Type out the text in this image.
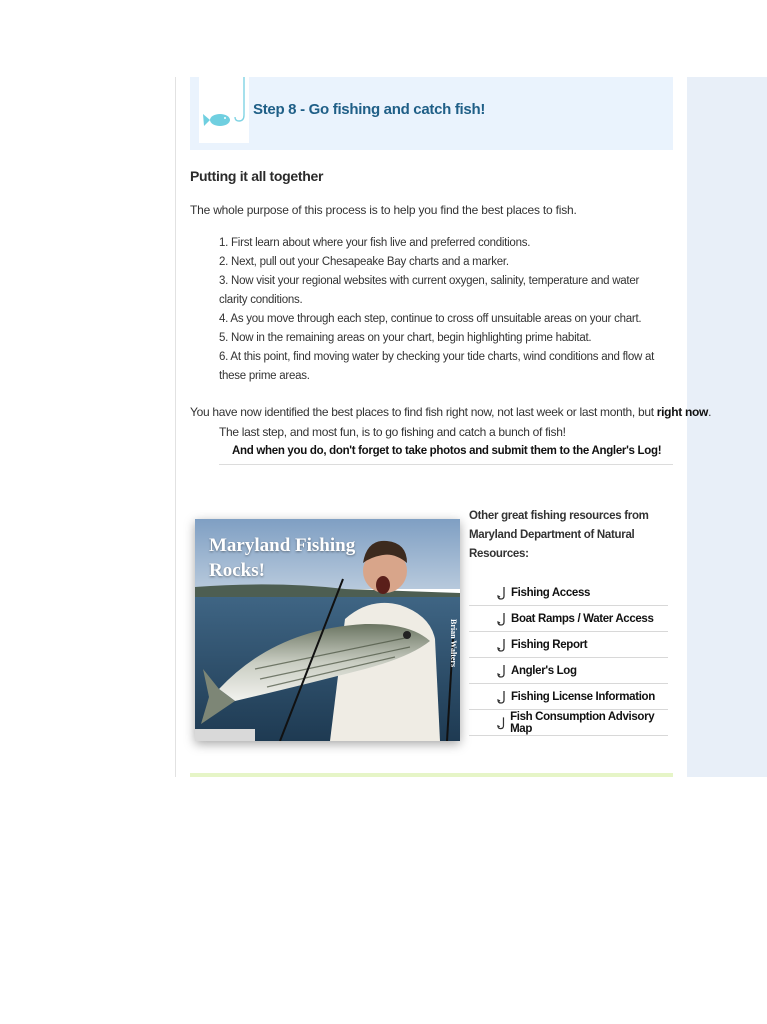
Step 8 - Go fishing and catch fish!
Putting it all together
The whole purpose of this process is to help you find the best places to fish.
1. First learn about where your fish live and preferred conditions.
2. Next, pull out your Chesapeake Bay charts and a marker.
3. Now visit your regional websites with current oxygen, salinity, temperature and water clarity conditions.
4. As you move through each step, continue to cross off unsuitable areas on your chart.
5. Now in the remaining areas on your chart, begin highlighting prime habitat.
6. At this point, find moving water by checking your tide charts, wind conditions and flow at these prime areas.
You have now identified the best places to find fish right now, not last week or last month, but right now.
The last step, and most fun, is to go fishing and catch a bunch of fish!
And when you do, don't forget to take photos and submit them to the Angler's Log!
Maryland Fishing Rocks!
Brian Walters
Other great fishing resources from Maryland Department of Natural Resources:
Fishing Access
Boat Ramps / Water Access
Fishing Report
Angler's Log
Fishing License Information
Fish Consumption Advisory Map
